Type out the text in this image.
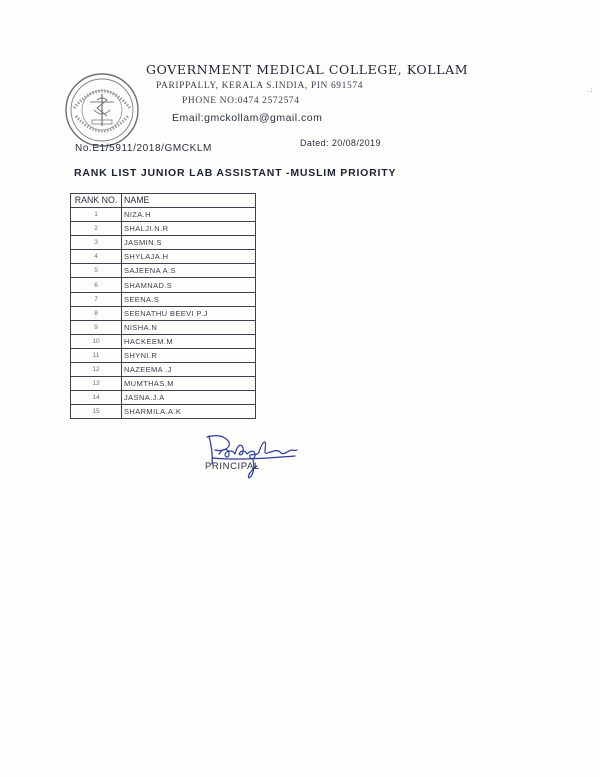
GOVERNMENT MEDICAL COLLEGE, KOLLAM
PARIPPALLY, KERALA S.INDIA, PIN 691574
PHONE NO:0474 2572574
Email:gmckollam@gmail.com
No.E1/5911/2018/GMCKLM	Dated: 20/08/2019
RANK LIST JUNIOR LAB ASSISTANT -MUSLIM PRIORITY
RANK NO.	NAME
1	NIZA.H
2	SHALJI.N.R
3	JASMIN.S
4	SHYLAJA.H
5	SAJEENA A.S
6	SHAMNAD.S
7	SEENA.S
8	SEENATHU BEEVI P.J
9	NISHA.N
10	HACKEEM.M
11	SHYNI.R
12	NAZEEMA .J
13	MUMTHAS.M
14	JASNA.J.A
15	SHARMILA.A.K
PRINCIPAL
.:
